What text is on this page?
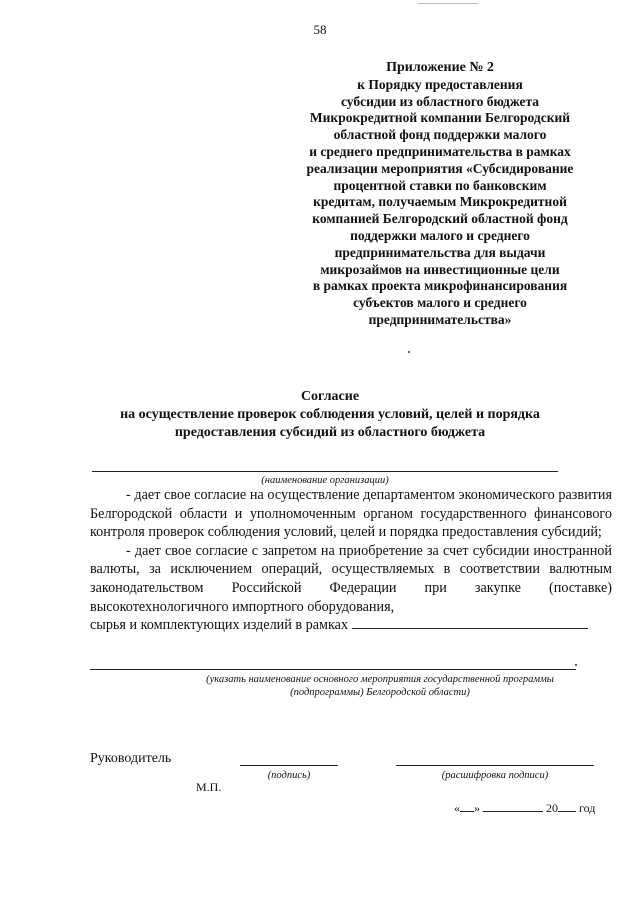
58
Приложение № 2
к Порядку предоставления
субсидии из областного бюджета
Микрокредитной компании Белгородский
областной фонд поддержки малого
и среднего предпринимательства в рамках
реализации мероприятия «Субсидирование
процентной ставки по банковским
кредитам, получаемым Микрокредитной
компанией Белгородский областной фонд
поддержки малого и среднего
предпринимательства для выдачи
микрозаймов на инвестиционные цели
в рамках проекта микрофинансирования
субъектов малого и среднего
предпринимательства»
Согласие
на осуществление проверок соблюдения условий, целей и порядка
предоставления субсидий из областного бюджета
(наименование организации)

- дает свое согласие на осуществление департаментом экономического развития Белгородской области и уполномоченным органом государственного финансового контроля проверок соблюдения условий, целей и порядка предоставления субсидий;

- дает свое согласие с запретом на приобретение за счет субсидии иностранной валюты, за исключением операций, осуществляемых в соответствии валютным законодательством Российской Федерации при закупке (поставке) высокотехнологичного импортного оборудования,

сырья и комплектующих изделий в рамках
(указать наименование основного мероприятия государственной программы
(подпрограммы) Белгородской области)
Руководитель
(подпись)	(расшифровка подписи)
М.П.
« »	20 год
